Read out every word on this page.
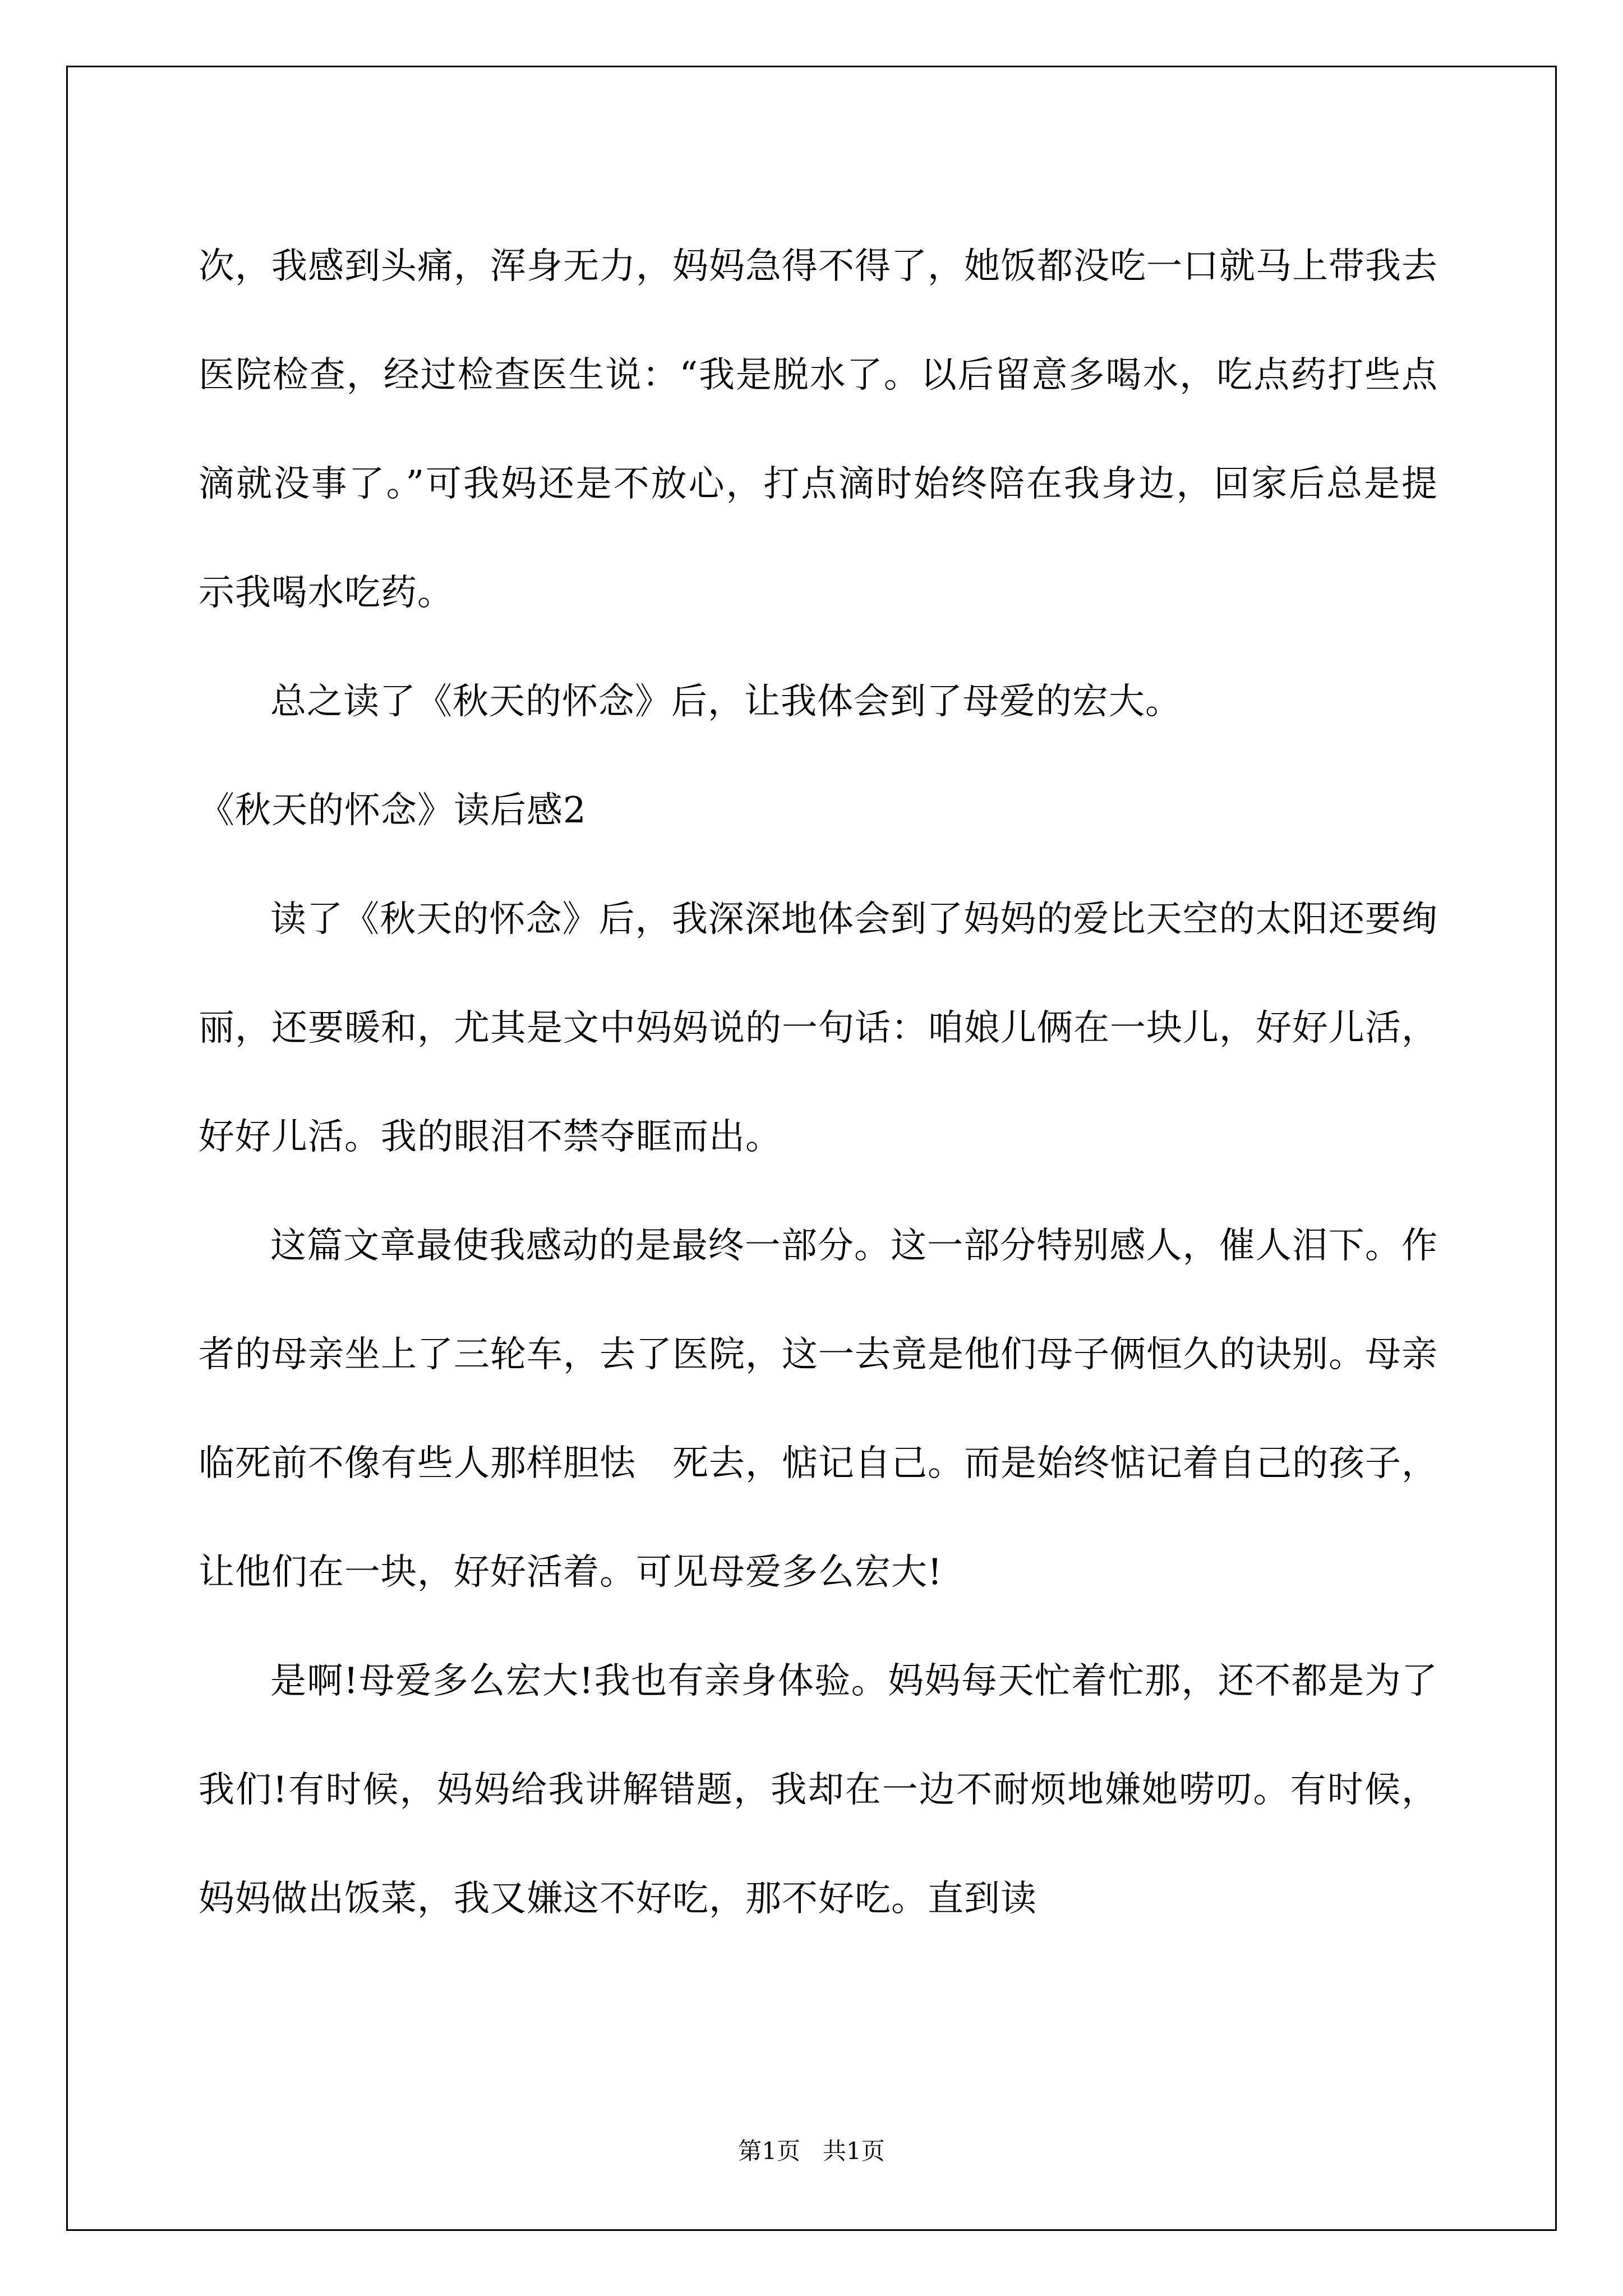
次，我感到头痛，浑身无力，妈妈急得不得了，她饭都没吃一口就马上带我去医院检查，经过检查医生说：“我是脱水了。以后留意多喝水，吃点药打些点滴就没事了。”可我妈还是不放心，打点滴时始终陪在我身边，回家后总是提示我喝水吃药。

总之读了《秋天的怀念》后，让我体会到了母爱的宏大。

《秋天的怀念》读后感2

读了《秋天的怀念》后，我深深地体会到了妈妈的爱比天空的太阳还要绚丽，还要暖和，尤其是文中妈妈说的一句话：咱娘儿俩在一块儿，好好儿活，好好儿活。我的眼泪不禁夺眶而出。

这篇文章最使我感动的是最终一部分。这一部分特别感人，催人泪下。作者的母亲坐上了三轮车，去了医院，这一去竟是他们母子俩恒久的诀别。母亲临死前不像有些人那样胆怯　死去，惦记自己。而是始终惦记着自己的孩子，让他们在一块，好好活着。可见母爱多么宏大!

是啊!母爱多么宏大!我也有亲身体验。妈妈每天忙着忙那，还不都是为了我们!有时候，妈妈给我讲解错题，我却在一边不耐烦地嫌她唠叨。有时候，妈妈做出饭菜，我又嫌这不好吃，那不好吃。直到读

第1页 共1页
